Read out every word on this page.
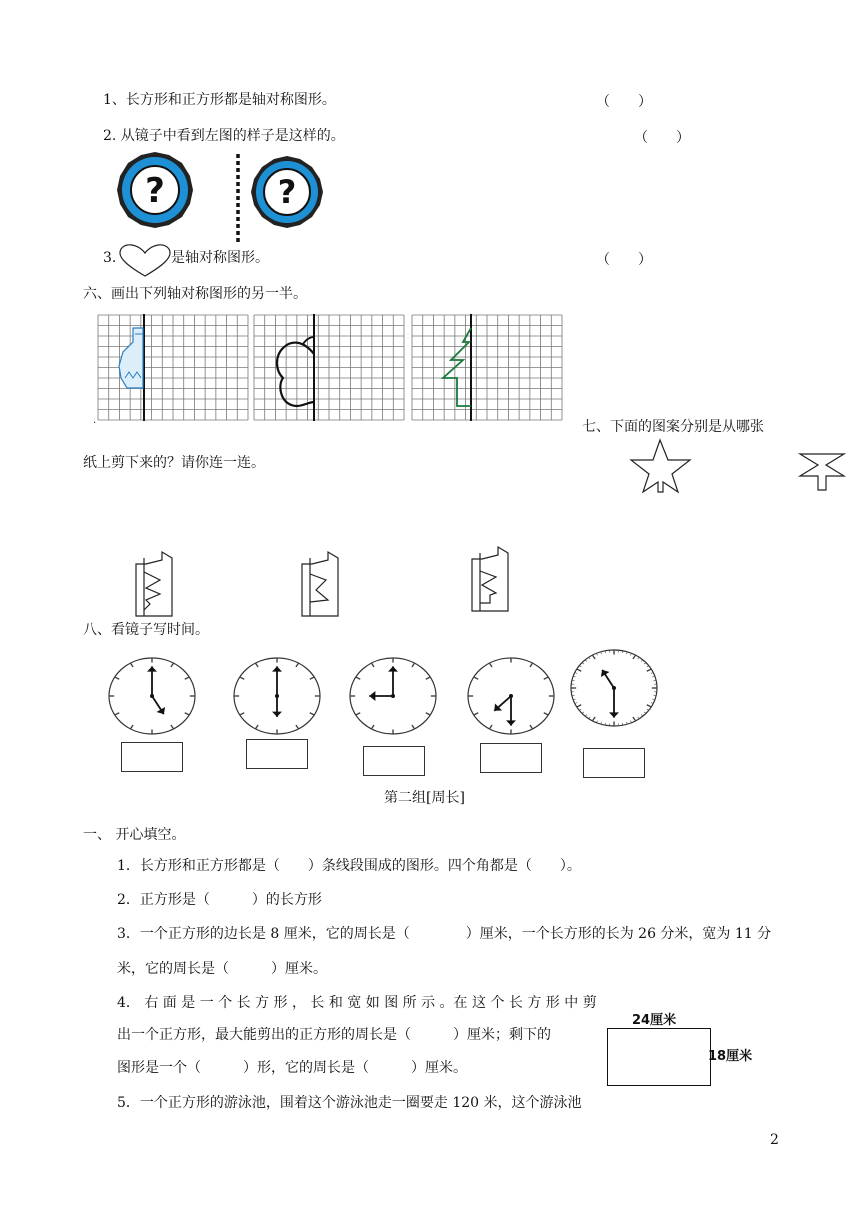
1、长方形和正方形都是轴对称图形。	（　　）
2. 从镜子中看到左图的样子是这样的。	（　　）
?	?
3.	是轴对称图形。	（　　）
六、画出下列轴对称图形的另一半。
.	七、下面的图案分别是从哪张
纸上剪下来的？请你连一连。
八、看镜子写时间。
第二组[周长]
一、 开心填空。
1．长方形和正方形都是（　　）条线段围成的图形。四个角都是（　　）。
2．正方形是（　　　）的长方形
3．一个正方形的边长是 8 厘米，它的周长是（　　　　）厘米，一个长方形的长为 26 分米，宽为 11 分
米，它的周长是（　　　）厘米。
4． 右 面 是 一 个 长 方 形 ， 长 和 宽 如 图 所 示 。在 这 个 长 方 形 中 剪
出一个正方形，最大能剪出的正方形的周长是（　　　）厘米；剩下的
图形是一个（　　　）形，它的周长是（　　　）厘米。
24厘米
18厘米
5．一个正方形的游泳池，围着这个游泳池走一圈要走 120 米，这个游泳池
2
